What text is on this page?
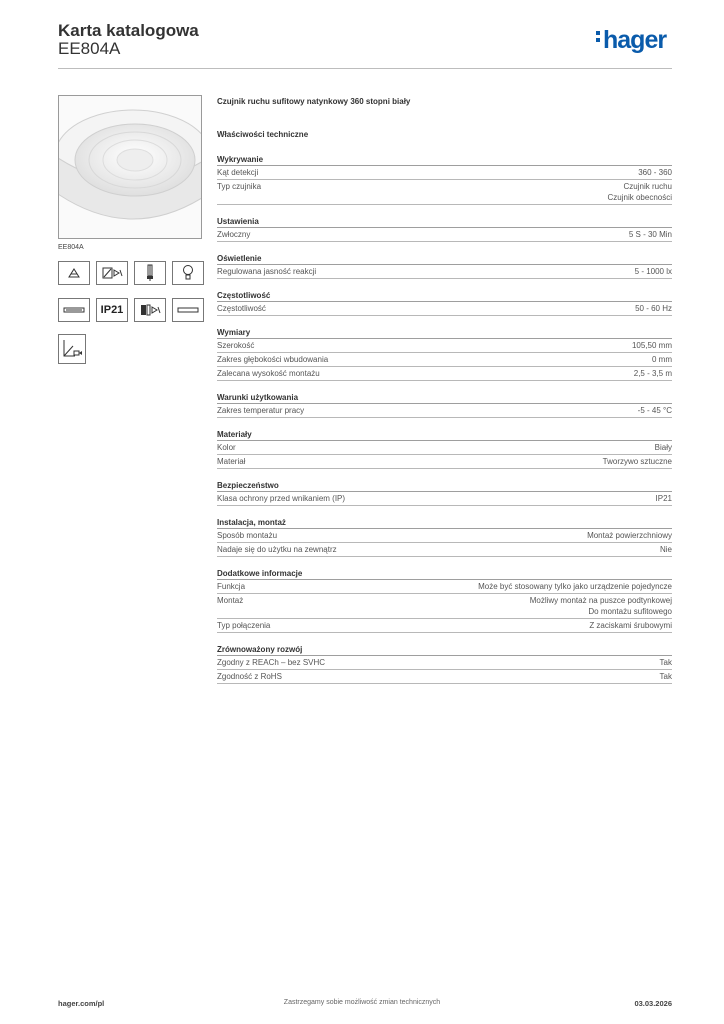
Karta katalogowa
EE804A	hager
EE804A
IP21
Czujnik ruchu sufitowy natynkowy 360 stopni biały
Właściwości techniczne
Wykrywanie
Kąt detekcji	360 - 360
Typ czujnika	Czujnik ruchu
Czujnik obecności
Ustawienia
Zwłoczny	5 S - 30 Min
Oświetlenie
Regulowana jasność reakcji	5 - 1000 lx
Częstotliwość
Częstotliwość	50 - 60 Hz
Wymiary
Szerokość	105,50 mm
Zakres głębokości wbudowania	0 mm
Zalecana wysokość montażu	2,5 - 3,5 m
Warunki użytkowania
Zakres temperatur pracy	-5 - 45 °C
Materiały
Kolor	Biały
Materiał	Tworzywo sztuczne
Bezpieczeństwo
Klasa ochrony przed wnikaniem (IP)	IP21
Instalacja, montaż
Sposób montażu	Montaż powierzchniowy
Nadaje się do użytku na zewnątrz	Nie
Dodatkowe informacje
Funkcja	Może być stosowany tylko jako urządzenie pojedyncze
Montaż	Możliwy montaż na puszce podtynkowej
Do montażu sufitowego
Typ połączenia	Z zaciskami śrubowymi
Zrównoważony rozwój
Zgodny z REACh – bez SVHC	Tak
Zgodność z RoHS	Tak
Zastrzegamy sobie możliwość zmian technicznych
hager.com/pl	03.03.2026
